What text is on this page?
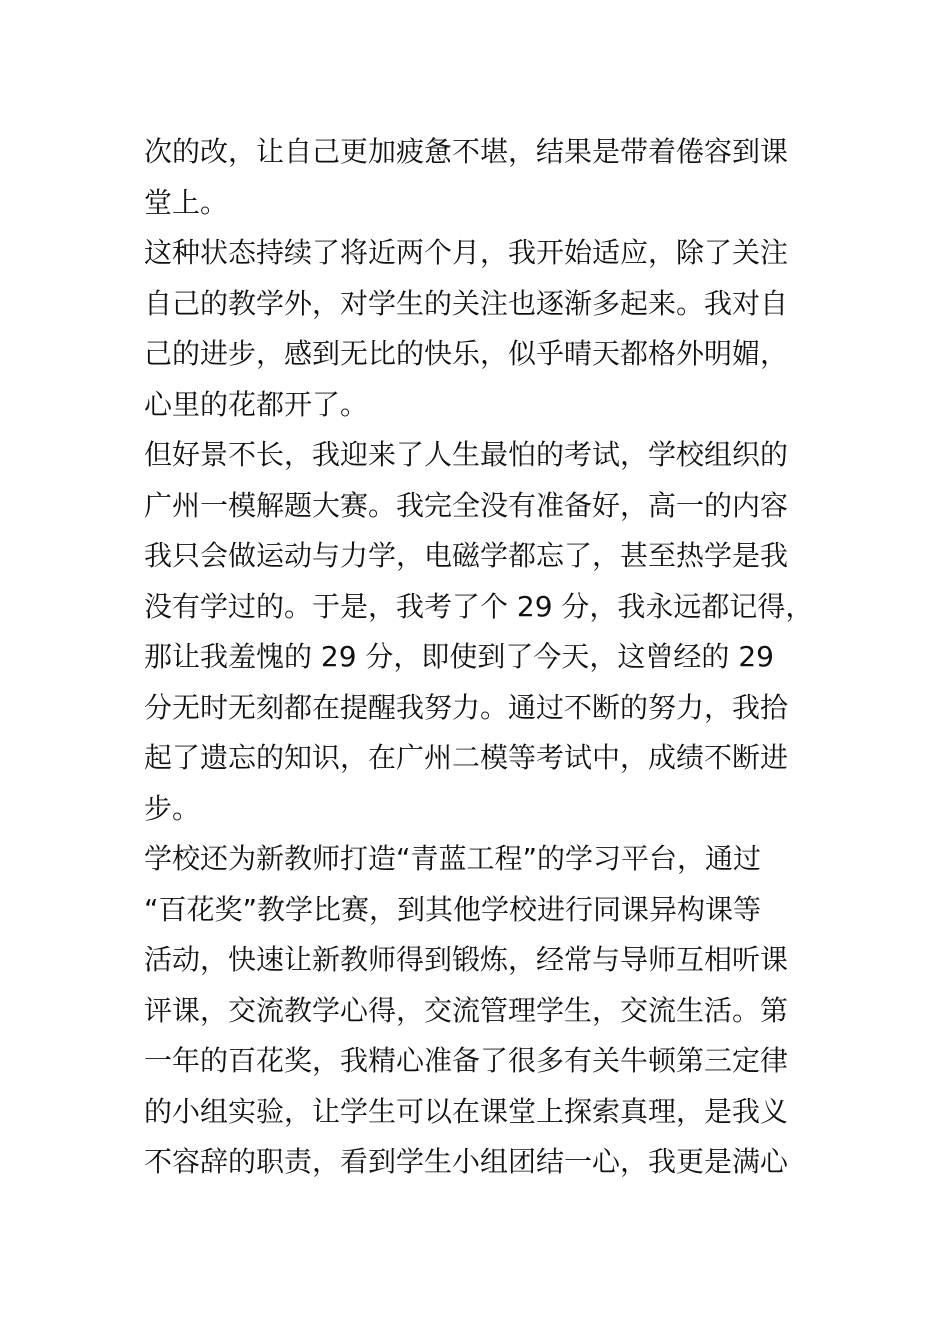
次的改，让自己更加疲惫不堪，结果是带着倦容到课
堂上。
这种状态持续了将近两个月，我开始适应，除了关注
自己的教学外，对学生的关注也逐渐多起来。我对自
己的进步，感到无比的快乐，似乎晴天都格外明媚，
心里的花都开了。
但好景不长，我迎来了人生最怕的考试，学校组织的
广州一模解题大赛。我完全没有准备好，高一的内容
我只会做运动与力学，电磁学都忘了，甚至热学是我
没有学过的。于是，我考了个 29 分，我永远都记得，
那让我羞愧的 29 分，即使到了今天，这曾经的 29
分无时无刻都在提醒我努力。通过不断的努力，我拾
起了遗忘的知识，在广州二模等考试中，成绩不断进
步。
学校还为新教师打造“青蓝工程”的学习平台，通过
“百花奖”教学比赛，到其他学校进行同课异构课等
活动，快速让新教师得到锻炼，经常与导师互相听课
评课，交流教学心得，交流管理学生，交流生活。第
一年的百花奖，我精心准备了很多有关牛顿第三定律
的小组实验，让学生可以在课堂上探索真理，是我义
不容辞的职责，看到学生小组团结一心，我更是满心
